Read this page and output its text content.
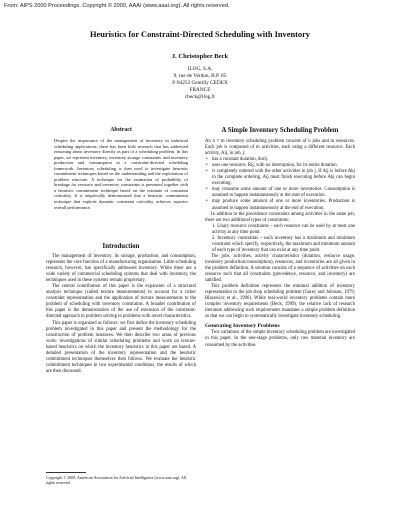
From: AIPS 2000 Proceedings. Copyright © 2000, AAAI (www.aaai.org). All rights reserved.
Heuristics for Constraint-Directed Scheduling with Inventory
J. Christopher Beck
ILOG, S.A.
9, rue de Verdun, B.P. 85
F-94253 Gentilly CEDEX
FRANCE
cbeck@ilog.fr
Abstract
Despite the importance of the management of inventory in industrial scheduling applications, there has been little research that has addressed reasoning about inventory directly as part of a scheduling problem. In this paper, we represent inventory, inventory storage constraints, and inventory production and consumption in a constraint-directed scheduling framework. Inventory scheduling is then used to investigate heuristic commitment techniques based on the understanding and the exploitation of problem structure. A technique for the estimation of probability of breakage for resource and inventory constraints is presented together with a heuristic commitment technique based on the estimate of constraint criticality. It is empirically demonstrated that a heuristic commitment technique that exploits dynamic constraint criticality achieves superior overall performance.
Introduction

The management of inventory, its storage, production, and consumption, represents the core function of a manufacturing organization. Little scheduling research, however, has specifically addressed inventory. While there are a wide variety of commercial scheduling systems that deal with inventory, the techniques used in these systems remain proprietary.

The central contribution of this paper is the expansion of a structural analysis technique (called texture measurements) to account for a richer constraint representation and the application of texture measurements to the problem of scheduling with inventory constraints. A broader contribution of this paper is the demonstration of the use of extension of the constraint-directed approach to problem solving to problems with novel characteristics.

This paper is organized as follows: we first define the inventory scheduling problem investigated in this paper and present the methodology for the construction of problem instances. We then describe two areas of previous work: investigations of similar scheduling problems and work on texture-based heuristics on which the inventory heuristics in this paper are based. A detailed presentation of the inventory representation and the heuristic commitment techniques themselves then follows. We evaluate the heuristic commitment techniques in two experimental conditions, the results of which are then discussed.

Copyright © 2000, American Association for Artificial Intelligence (www.aaai.org). All rights reserved.
A Simple Inventory Scheduling Problem

An n × m inventory scheduling problem consists of n jobs and m resources. Each job is composed of m activities, each using a different resource. Each activity, Aij, in job, j:

• has a constant duration, durij.
• uses one resource, Rij, with no interruption, for its entire duration.
• is completely ordered with the other activities in job j. If Aij is before Akj in the complete ordering, Aij must finish executing before Akj can begin executing.
• may consume some amount of one or more inventories. Consumption is assumed to happen instantaneously at the start of execution.
• may produce some amount of one or more inventories. Production is assumed to happen instantaneously at the end of execution.

In addition to the precedence constraints among activities in the same job, there are two additional types of constraints:

1. Unary resource constraints – each resource can be used by at most one activity at any time point.
2. Inventory constraints – each inventory has a maximum and minimum constraint which specify, respectively, the maximum and minimum amount of each type of inventory that can exist at any time point.

The jobs, activities, activity characteristics (duration, resource usage, inventory production/consumption), resources, and inventories are all given in the problem definition. A solution consists of a sequence of activities on each resource such that all constraints (precedence, resource, and inventory) are satisfied.

This problem definition represents the minimal addition of inventory representation to the job shop scheduling problem (Garey and Johnson, 1979; Blazewicz et al., 1996). While real-world inventory problems contain more complex inventory requirements (Beck, 1999), the relative lack of research literature addressing such requirements mandates a simple problem definition so that we can begin to systematically investigate inventory scheduling.

Generating Inventory Problems

Two variations of the simple inventory scheduling problem are investigated in this paper. In the one-stage problems, only raw material inventory are consumed by the activities
